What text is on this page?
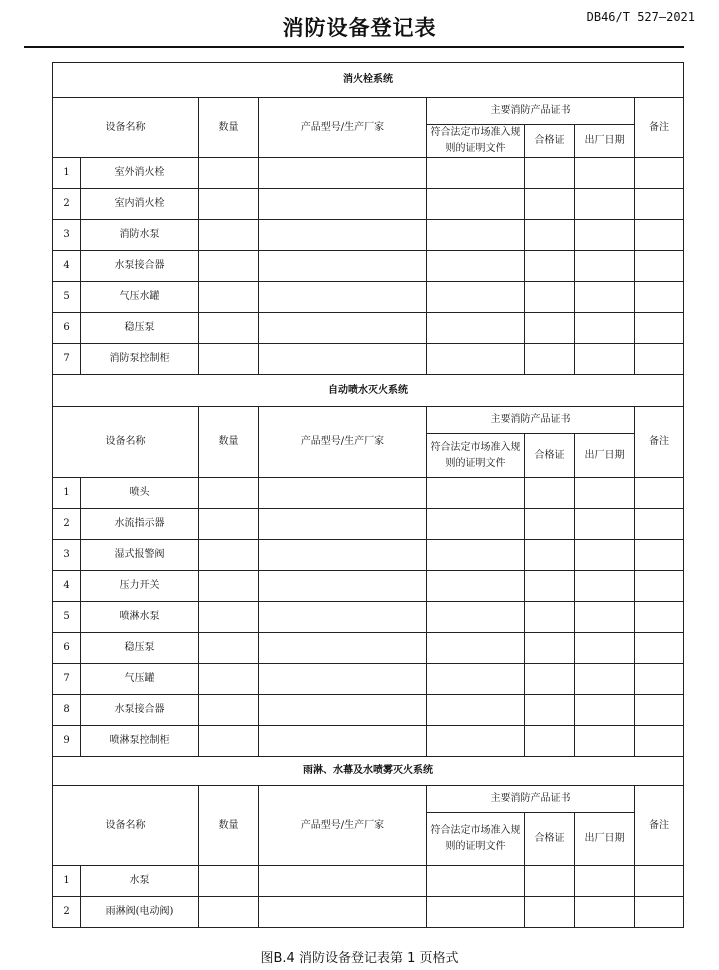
DB46/T 527—2021
消防设备登记表
消火栓系统							
设备名称		数量	产品型号/生产厂家	主要消防产品证书			备注
				符合法定市场准入规则的证明文件	合格证	出厂日期	
1	室外消火栓						
2	室内消火栓						
3	消防水泵						
4	水泵接合器						
5	气压水罐						
6	稳压泵						
7	消防泵控制柜						
自动喷水灭火系统							
设备名称		数量	产品型号/生产厂家	主要消防产品证书			备注
				符合法定市场准入规则的证明文件	合格证	出厂日期	
1	喷头						
2	水流指示器						
3	湿式报警阀						
4	压力开关						
5	喷淋水泵						
6	稳压泵						
7	气压罐						
8	水泵接合器						
9	喷淋泵控制柜						
雨淋、水幕及水喷雾灭火系统							
设备名称		数量	产品型号/生产厂家	主要消防产品证书			备注
				符合法定市场准入规则的证明文件	合格证	出厂日期	
1	水泵						
2	雨淋阀(电动阀)						
图B.4 消防设备登记表第 1 页格式
